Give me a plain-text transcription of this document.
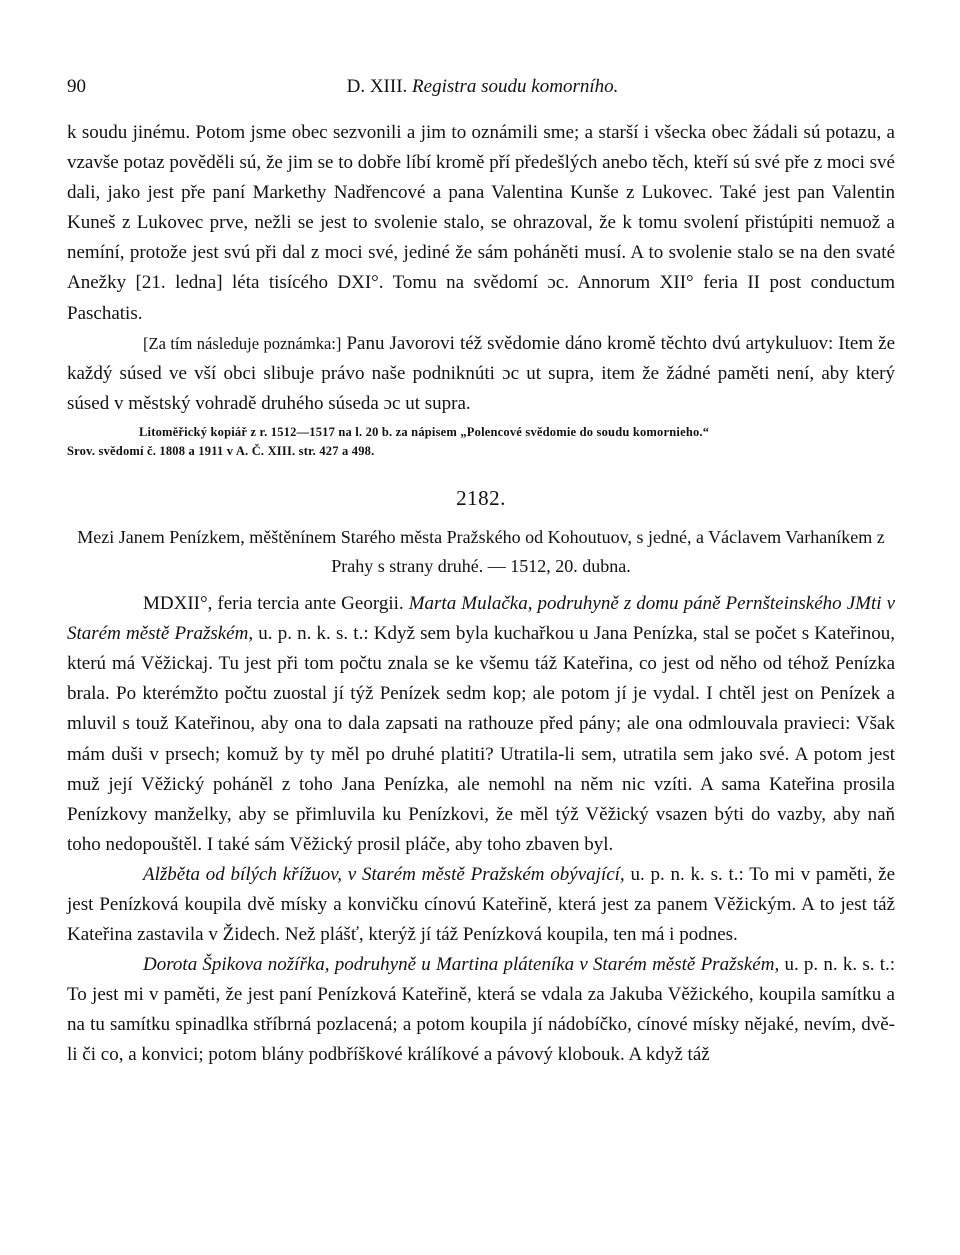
90	D. XIII. Registra soudu komorního.

k soudu jinému. Potom jsme obec sezvonili a jim to oznámili sme; a starší i všecka obec žádali sú potazu, a vzavše potaz pověděli sú, že jim se to dobře líbí kromě pří předešlých anebo těch, kteří sú své pře z moci své dali, jako jest pře paní Markethy Nadřencové a pana Valentina Kunše z Lukovec. Také jest pan Valentin Kuneš z Lukovec prve, nežli se jest to svolenie stalo, se ohrazoval, že k tomu svolení přistúpiti nemuož a nemíní, protože jest svú při dal z moci své, jediné že sám poháněti musí. A to svolenie stalo se na den svaté Anežky [21. ledna] léta tisícého DXI°. Tomu na svědomí ɔc. Annorum XII° feria II post conductum Paschatis.

[Za tím následuje poznámka:] Panu Javorovi též svědomie dáno kromě těchto dvú artykuluov: Item že každý súsed ve vší obci slibuje právo naše podniknúti ɔc ut supra, item že žádné paměti není, aby který súsed v městský vohradě druhého súseda ɔc ut supra.

Litoměřický kopiář z r. 1512—1517 na l. 20 b. za nápisem „Polencové svědomie do soudu komornieho.“
Srov. svědomí č. 1808 a 1911 v A. Č. XIII. str. 427 a 498.
2182.
Mezi Janem Penízkem, měštěnínem Starého města Pražského od Kohoutuov, s jedné, a Václavem Varhaníkem z Prahy s strany druhé. — 1512, 20. dubna.

MDXII°, feria tercia ante Georgii. Marta Mulačka, podruhyně z domu páně Pernšteinského JMti v Starém městě Pražském, u. p. n. k. s. t.: Když sem byla kuchařkou u Jana Penízka, stal se počet s Kateřinou, kterú má Věžickaj. Tu jest při tom počtu znala se ke všemu táž Kateřina, co jest od něho od téhož Penízka brala. Po kterémžto počtu zuostal jí týž Penízek sedm kop; ale potom jí je vydal. I chtěl jest on Penízek a mluvil s touž Kateřinou, aby ona to dala zapsati na rathouze před pány; ale ona odmlouvala pravieci: Však mám duši v prsech; komuž by ty měl po druhé platiti? Utratila-li sem, utratila sem jako své. A potom jest muž její Věžický poháněl z toho Jana Penízka, ale nemohl na něm nic vzíti. A sama Kateřina prosila Penízkovy manželky, aby se přimluvila ku Penízkovi, že měl týž Věžický vsazen býti do vazby, aby naň toho nedopouštěl. I také sám Věžický prosil pláče, aby toho zbaven byl.

Alžběta od bílých křížuov, v Starém městě Pražském obývající, u. p. n. k. s. t.: To mi v paměti, že jest Penízková koupila dvě mísky a konvičku cínovú Kateřině, která jest za panem Věžickým. A to jest táž Kateřina zastavila v Židech. Než plášť, kterýž jí táž Penízková koupila, ten má i podnes.

Dorota Špikova nožířka, podruhyně u Martina pláteníka v Starém městě Pražském, u. p. n. k. s. t.: To jest mi v paměti, že jest paní Penízková Kateřině, která se vdala za Jakuba Věžického, koupila samítku a na tu samítku spinadlka stříbrná pozlacená; a potom koupila jí nádobíčko, cínové mísky nějaké, nevím, dvě-li či co, a konvici; potom blány podbříškové králíkové a pávový klobouk. A když táž
